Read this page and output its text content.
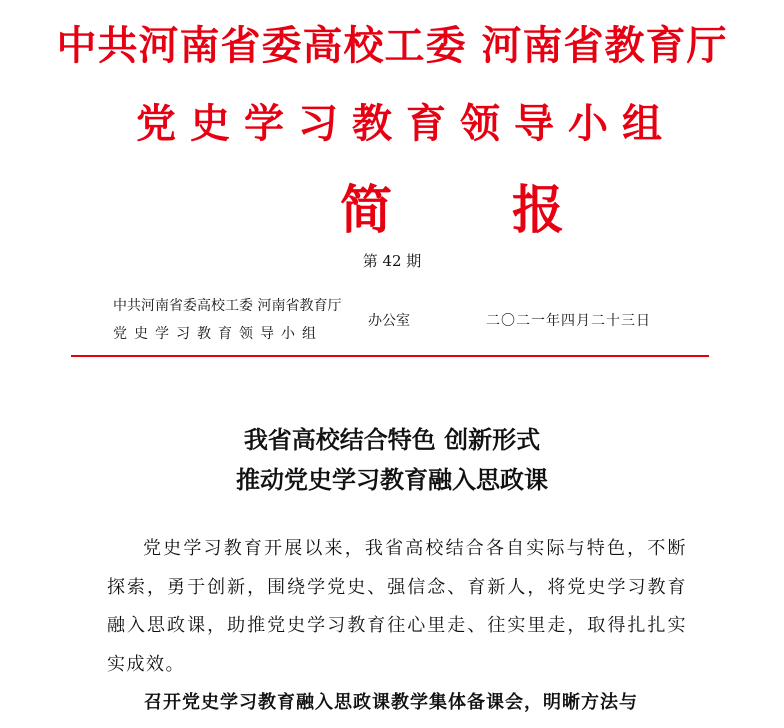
中共河南省委高校工委 河南省教育厅
党史学习教育领导小组
简报
第 42 期
中共河南省委高校工委 河南省教育厅
党史学习教育领导小组
办公室	二〇二一年四月二十三日
我省高校结合特色 创新形式
推动党史学习教育融入思政课
党史学习教育开展以来，我省高校结合各自实际与特色，不断探索，勇于创新，围绕学党史、强信念、育新人，将党史学习教育融入思政课，助推党史学习教育往心里走、往实里走，取得扎扎实实成效。
召开党史学习教育融入思政课教学集体备课会，明晰方法与
